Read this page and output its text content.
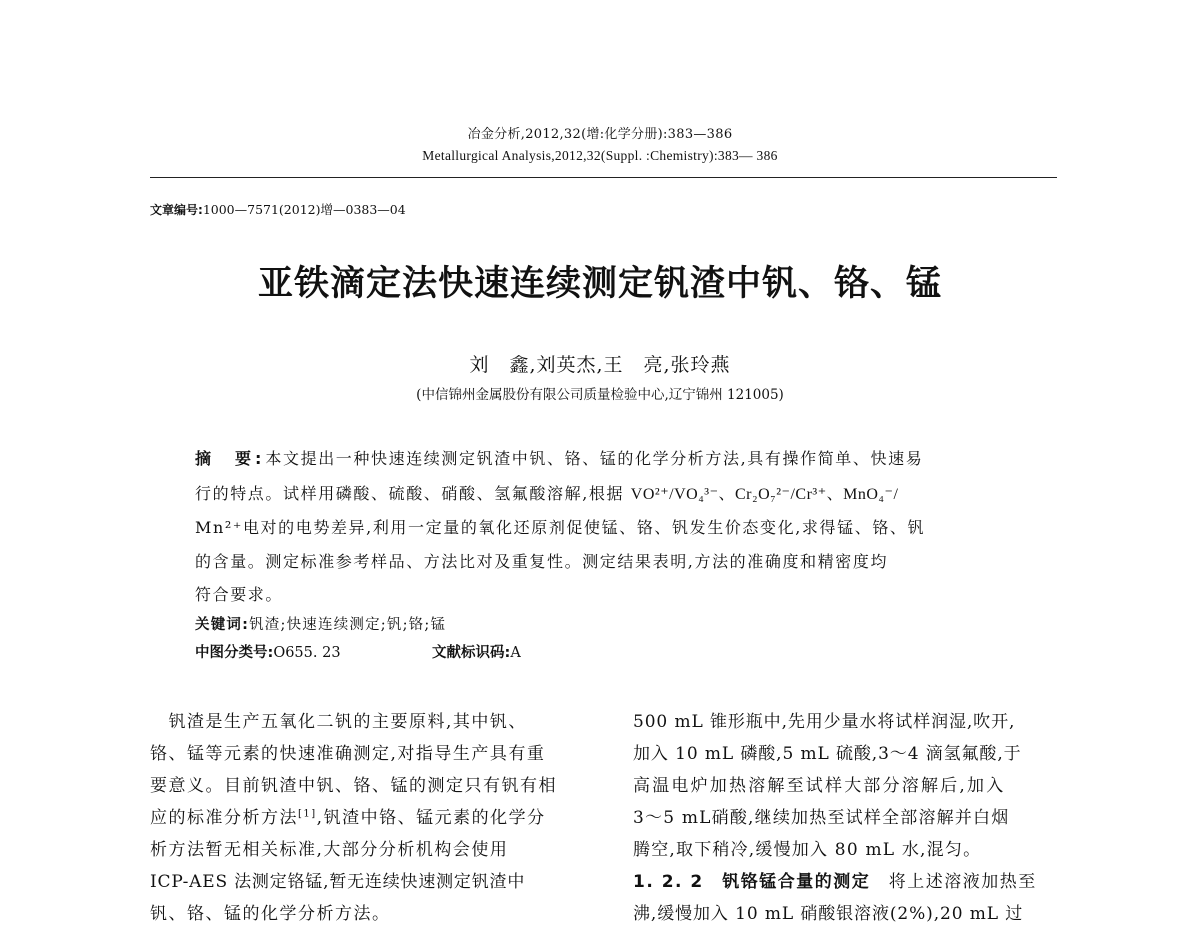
冶金分析,2012,32(增:化学分册):383—386
Metallurgical Analysis,2012,32(Suppl. :Chemistry):383— 386
文章编号:1000—7571(2012)增—0383—04
亚铁滴定法快速连续测定钒渣中钒、铬、锰
刘　鑫,刘英杰,王　亮,张玲燕
(中信锦州金属股份有限公司质量检验中心,辽宁锦州 121005)
摘　要:本文提出一种快速连续测定钒渣中钒、铬、锰的化学分析方法,具有操作简单、快速易
行的特点。试样用磷酸、硫酸、硝酸、氢氟酸溶解,根据 VO²⁺/VO₄³⁻、Cr₂O₇²⁻/Cr³⁺、MnO₄⁻/
Mn²⁺电对的电势差异,利用一定量的氧化还原剂促使锰、铬、钒发生价态变化,求得锰、铬、钒
的含量。测定标准参考样品、方法比对及重复性。测定结果表明,方法的准确度和精密度均
符合要求。
关键词:钒渣;快速连续测定;钒;铬;锰
中图分类号:O655. 23	文献标识码:A
　钒渣是生产五氧化二钒的主要原料,其中钒、
铬、锰等元素的快速准确测定,对指导生产具有重
要意义。目前钒渣中钒、铬、锰的测定只有钒有相
应的标准分析方法[1],钒渣中铬、锰元素的化学分
析方法暂无相关标准,大部分分析机构会使用
ICP-AES 法测定铬锰,暂无连续快速测定钒渣中
钒、铬、锰的化学分析方法。
500 mL 锥形瓶中,先用少量水将试样润湿,吹开,
加入 10 mL 磷酸,5 mL 硫酸,3～4 滴氢氟酸,于
高温电炉加热溶解至试样大部分溶解后,加入
3～5 mL硝酸,继续加热至试样全部溶解并白烟
腾空,取下稍冷,缓慢加入 80 mL 水,混匀。
1. 2. 2　 钒铬锰合量的测定　 将上述溶液加热至
沸,缓慢加入 10 mL 硝酸银溶液(2%),20 mL 过
